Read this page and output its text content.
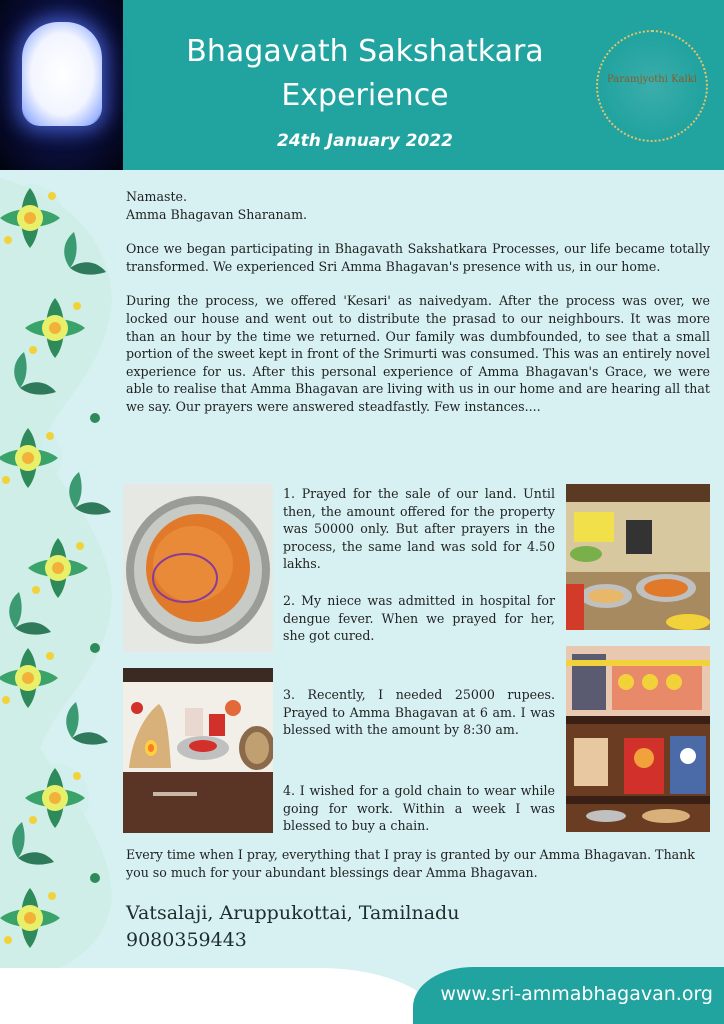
Bhagavath Sakshatkara
Experience
24th January 2022
Paramjyothi Kalki
Namaste.
Amma Bhagavan Sharanam.

Once we began participating in Bhagavath Sakshatkara Processes, our life became totally transformed. We experienced Sri Amma Bhagavan's presence with us, in our home.

During the process, we offered 'Kesari' as naivedyam. After the process was over, we locked our house and went out to distribute the prasad to our neighbours. It was more than an hour by the time we returned. Our family was dumbfounded, to see that a small portion of the sweet kept in front of the Srimurti was consumed. This was an entirely novel experience for us. After this personal experience of Amma Bhagavan's Grace, we were able to realise that Amma Bhagavan are living with us in our home and are hearing all that we say. Our prayers were answered steadfastly. Few instances....

1. Prayed for the sale of our land. Until then, the amount offered for the property was 50000 only. But after prayers in the process, the same land was sold for 4.50 lakhs.

2. My niece was admitted in hospital for dengue fever. When we prayed for her, she got cured.

3. Recently, I needed 25000 rupees. Prayed to Amma Bhagavan at 6 am. I was blessed with the amount by 8:30 am.

4. I wished for a gold chain to wear while going for work. Within a week I was blessed to buy a chain.

Every time when I pray, everything that I pray is granted by our Amma Bhagavan. Thank you so much for your abundant blessings dear Amma Bhagavan.
Vatsalaji, Aruppukottai, Tamilnadu
9080359443
www.sri-ammabhagavan.org
